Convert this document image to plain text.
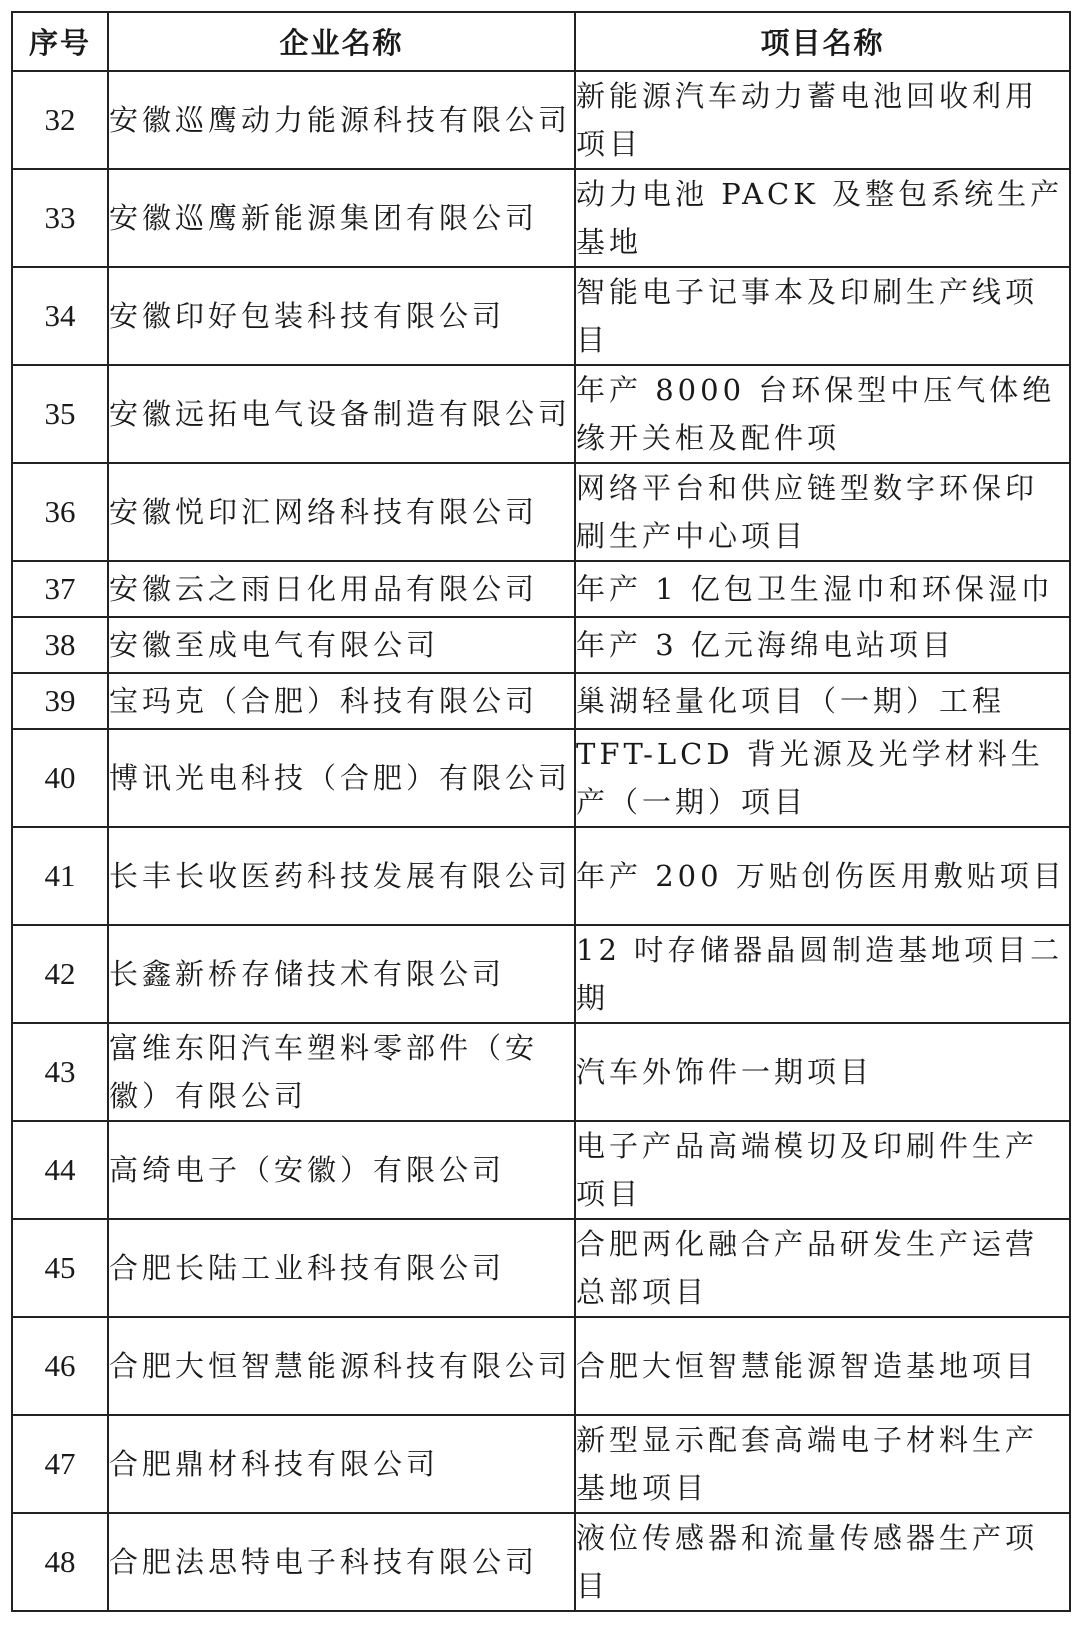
序号	企业名称	项目名称
32	安徽巡鹰动力能源科技有限公司	新能源汽车动力蓄电池回收利用项目
33	安徽巡鹰新能源集团有限公司	动力电池 PACK 及整包系统生产基地
34	安徽印好包装科技有限公司	智能电子记事本及印刷生产线项目
35	安徽远拓电气设备制造有限公司	年产 8000 台环保型中压气体绝缘开关柜及配件项
36	安徽悦印汇网络科技有限公司	网络平台和供应链型数字环保印刷生产中心项目
37	安徽云之雨日化用品有限公司	年产 1 亿包卫生湿巾和环保湿巾
38	安徽至成电气有限公司	年产 3 亿元海绵电站项目
39	宝玛克（合肥）科技有限公司	巢湖轻量化项目（一期）工程
40	博讯光电科技（合肥）有限公司	TFT-LCD 背光源及光学材料生产（一期）项目
41	长丰长收医药科技发展有限公司	年产 200 万贴创伤医用敷贴项目
42	长鑫新桥存储技术有限公司	12 吋存储器晶圆制造基地项目二期
43	富维东阳汽车塑料零部件（安徽）有限公司	汽车外饰件一期项目
44	高绮电子（安徽）有限公司	电子产品高端模切及印刷件生产项目
45	合肥长陆工业科技有限公司	合肥两化融合产品研发生产运营总部项目
46	合肥大恒智慧能源科技有限公司	合肥大恒智慧能源智造基地项目
47	合肥鼎材科技有限公司	新型显示配套高端电子材料生产基地项目
48	合肥法思特电子科技有限公司	液位传感器和流量传感器生产项目
